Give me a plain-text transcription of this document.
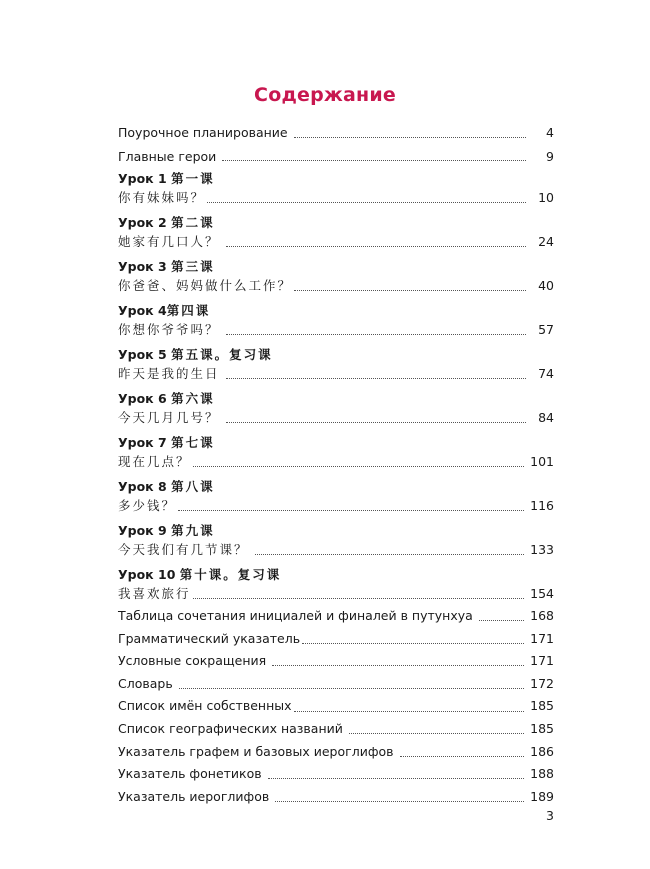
Содержание
Поурочное планирование	4
Главные герои	9
Урок 1 第一课
你有妹妹吗？	10
Урок 2 第二课
她家有几口人？	24
Урок 3 第三课
你爸爸、妈妈做什么工作？	40
Урок 4第四课
你想你爷爷吗？	57
Урок 5 第五课。复习课
昨天是我的生日	74
Урок 6 第六课
今天几月几号？	84
Урок 7 第七课
现在几点？	101
Урок 8 第八课
多少钱？	116
Урок 9 第九课
今天我们有几节课？	133
Урок 10 第十课。复习课
我喜欢旅行	154
Таблица сочетания инициалей и финалей в путунхуа	168
Грамматический указатель	171
Условные сокращения	171
Словарь	172
Список имён собственных	185
Список географических названий	185
Указатель графем и базовых иероглифов	186
Указатель фонетиков	188
Указатель иероглифов	189
3
